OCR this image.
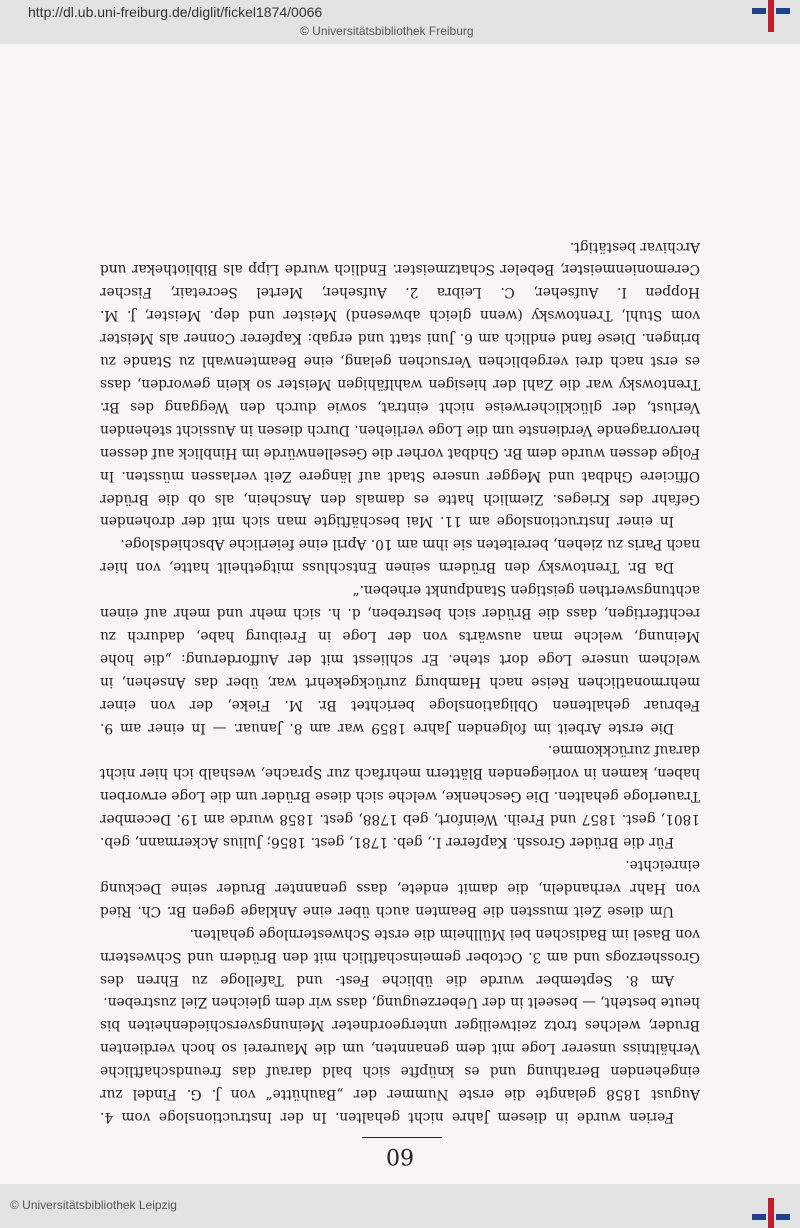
http://dl.ub.uni-freiburg.de/diglit/fickel1874/0066
© Universitätsbibliothek Freiburg
60

Ferien wurde in diesem Jahre nicht gehalten. In der Instructionsloge vom 4. August 1858 gelangte die erste Nummer der „Bauhütte“ von J. G. Findel zur eingehenden Berathung und es knüpfte sich bald darauf das freundschaftliche Verhältniss unserer Loge mit dem genannten, um die Maurerei so hoch verdienten Bruder, welches trotz zeitweiliger untergeordneter Meinungsverschiedenheiten bis heute besteht, — beseelt in der Ueberzeugung, dass wir dem gleichen Ziel zustreben.

Am 8. September wurde die übliche Fest- und Tafelloge zu Ehren des Grossherzogs und am 3. October gemeinschaftlich mit den Brüdern und Schwestern von Basel im Badischen bei Müllheim die erste Schwesternloge gehalten.

Um diese Zeit mussten die Beamten auch über eine Anklage gegen Br. Ch. Ried von Hahr verhandeln, die damit endete, dass genannter Bruder seine Deckung einreichte.

Für die Brüder Grossh. Kapferer I., geb. 1781, gest. 1856; Julius Ackermann, geb. 1801, gest. 1857 und Freih. Weinfort, geb 1788, gest. 1858 wurde am 19. December Trauerloge gehalten. Die Geschenke, welche sich diese Brüder um die Loge erworben haben, kamen in vorliegenden Blättern mehrfach zur Sprache, weshalb ich hier nicht darauf zurückkomme.

Die erste Arbeit im folgenden Jahre 1859 war am 8. Januar. — In einer am 9. Februar gehaltenen Obligationsloge berichtet Br. M. Fieke, der von einer mehrmonatlichen Reise nach Hamburg zurückgekehrt war, über das Ansehen, in welchem unsere Loge dort stehe. Er schliesst mit der Aufforderung: „die hohe Meinung, welche man auswärts von der Loge in Freiburg habe, dadurch zu rechtfertigen, dass die Brüder sich bestreben, d. h. sich mehr und mehr auf einen achtungswerthen geistigen Standpunkt erheben.“

Da Br. Trentowsky den Brüdern seinen Entschluss mitgetheilt hatte, von hier nach Paris zu ziehen, bereiteten sie ihm am 10. April eine feierliche Abschiedsloge.

In einer Instructionsloge am 11. Mai beschäftigte man sich mit der drohenden Gefahr des Krieges. Ziemlich hatte es damals den Anschein, als ob die Brüder Officiere Ghdbat und Megger unsere Stadt auf längere Zeit verlassen müssten. In Folge dessen wurde dem Br. Ghdbat vorher die Gesellenwürde im Hinblick auf dessen hervorragende Verdienste um die Loge verliehen. Durch diesen in Aussicht stehenden Verlust, der glücklicherweise nicht eintrat, sowie durch den Weggang des Br. Trentowsky war die Zahl der hiesigen wahlfähigen Meister so klein geworden, dass es erst nach drei vergeblichen Versuchen gelang, eine Beamtenwahl zu Stande zu bringen. Diese fand endlich am 6. Juni statt und ergab: Kapferer Conner als Meister vom Stuhl, Trentowsky (wenn gleich abwesend) Meister und dep. Meister, J. M. Hoppen I. Aufseher, C. Leibra 2. Aufseher, Mertel Secretair, Fischer Ceremonienmeister, Bebeler Schatzmeister. Endlich wurde Lipp als Bibliothekar und Archivar bestätigt.

© Universitätsbibliothek Leipzig
